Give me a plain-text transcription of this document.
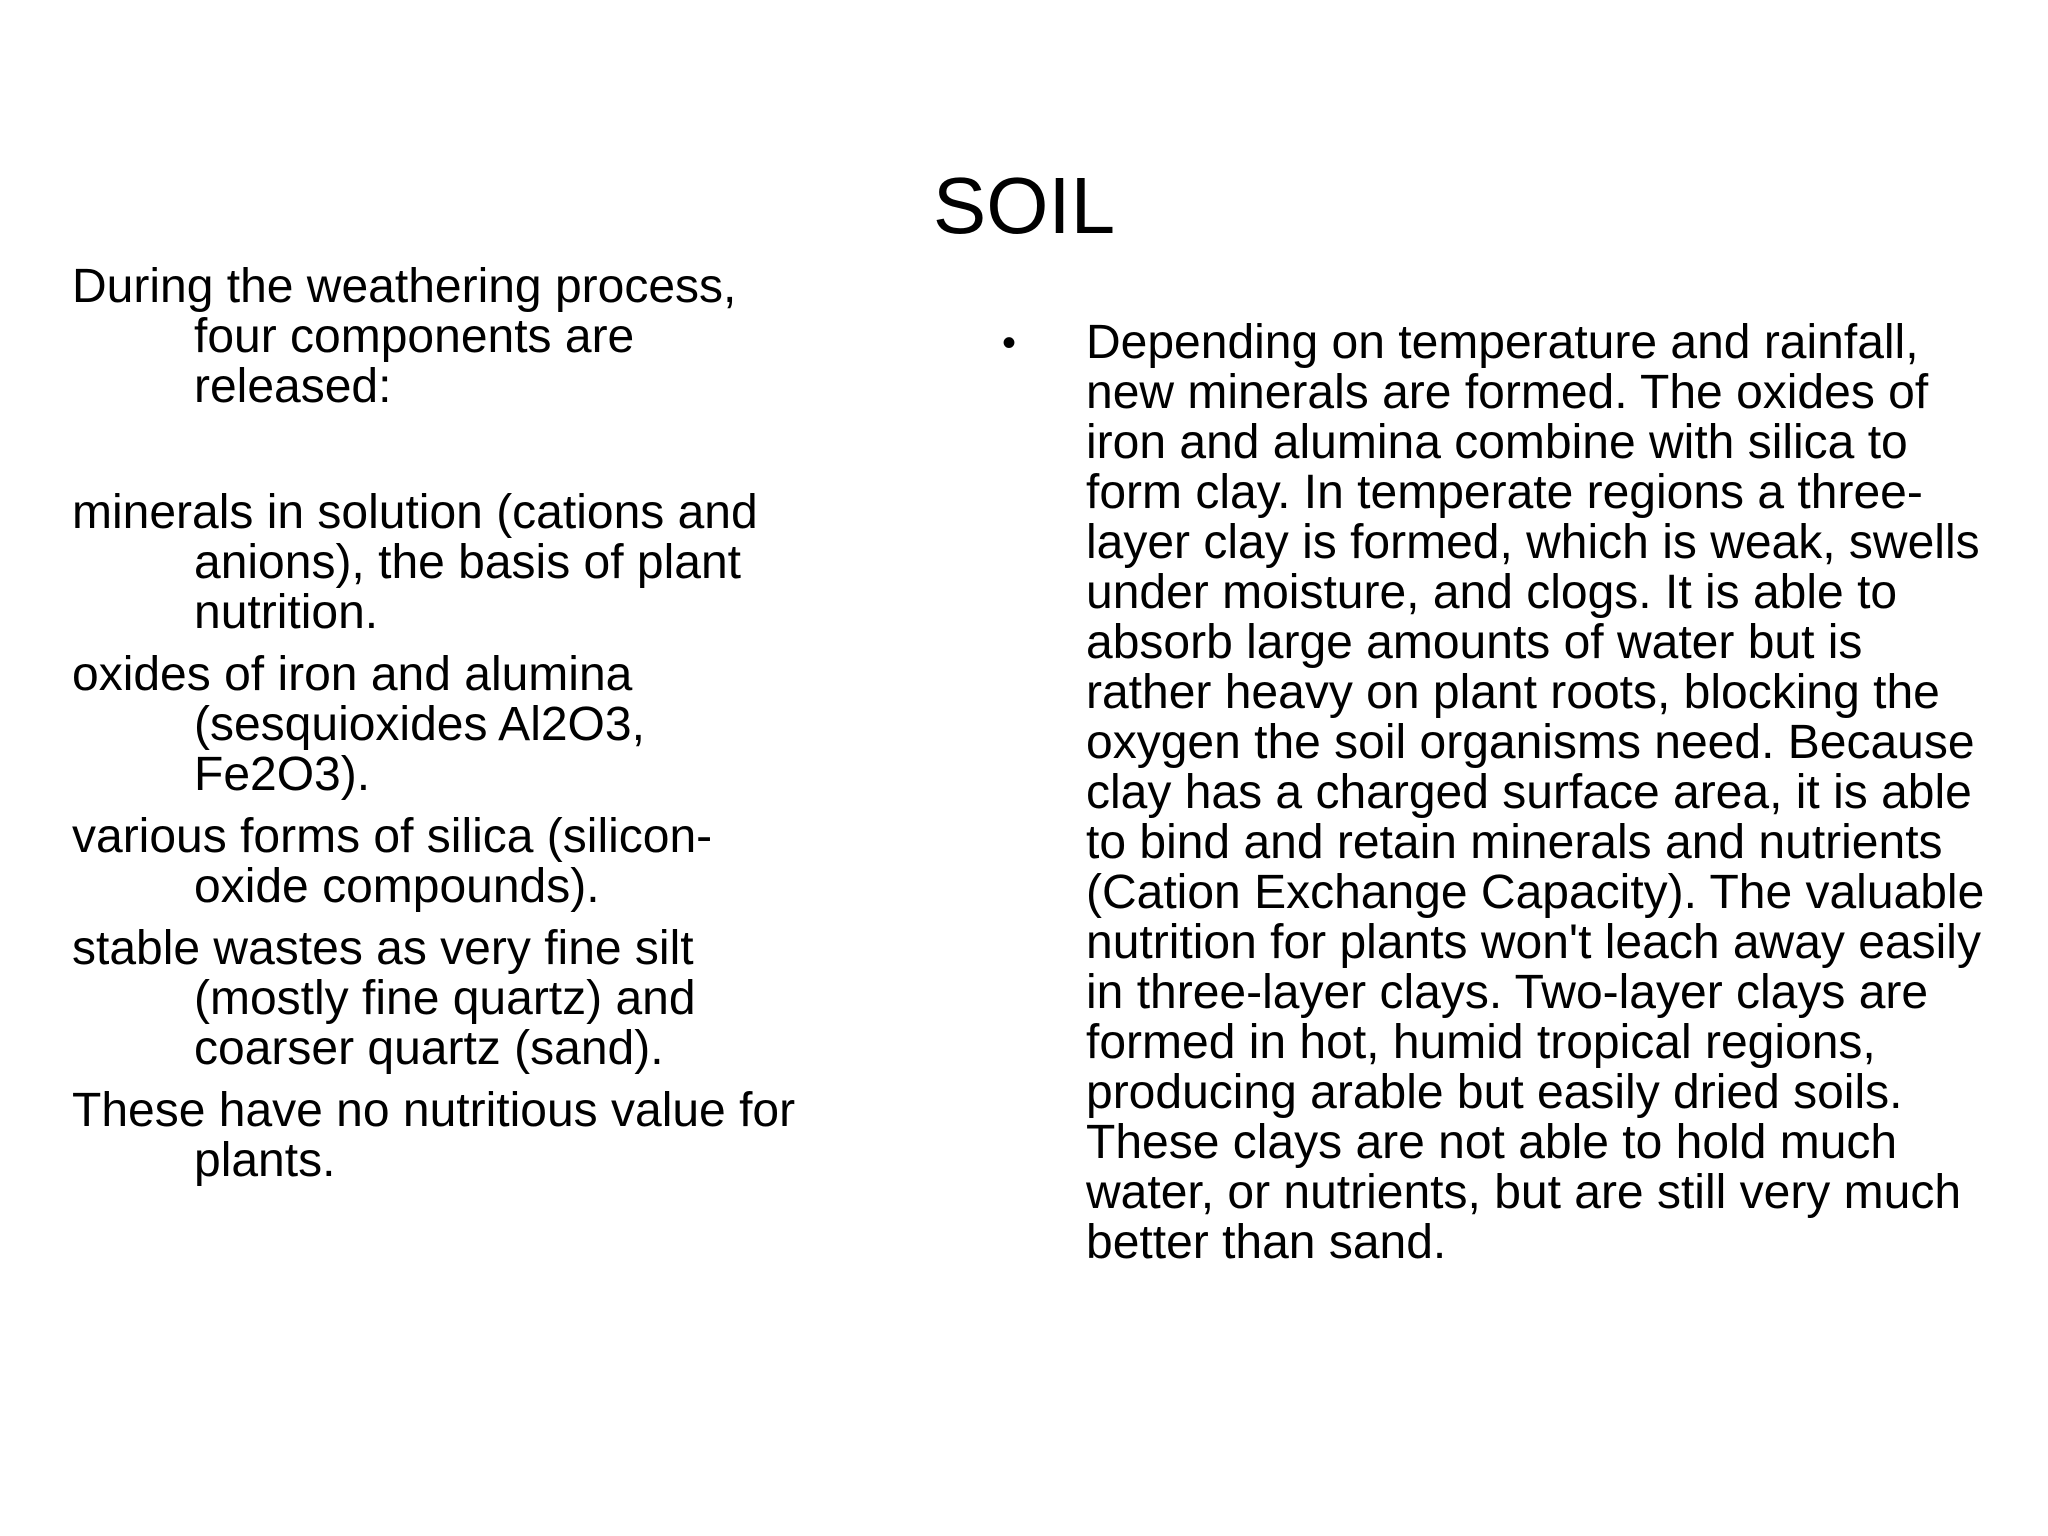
SOIL

During the weathering process, four components are released:

minerals in solution (cations and anions), the basis of plant nutrition.

oxides of iron and alumina (sesquioxides Al2O3, Fe2O3).

various forms of silica (silicon-oxide compounds).

stable wastes as very fine silt (mostly fine quartz) and coarser quartz (sand).

These have no nutritious value for plants.

•	Depending on temperature and rainfall, new minerals are formed. The oxides of iron and alumina combine with silica to form clay. In temperate regions a three-layer clay is formed, which is weak, swells under moisture, and clogs. It is able to absorb large amounts of water but is rather heavy on plant roots, blocking the oxygen the soil organisms need. Because clay has a charged surface area, it is able to bind and retain minerals and nutrients (Cation Exchange Capacity). The valuable nutrition for plants won't leach away easily in three-layer clays. Two-layer clays are formed in hot, humid tropical regions, producing arable but easily dried soils. These clays are not able to hold much water, or nutrients, but are still very much better than sand.
